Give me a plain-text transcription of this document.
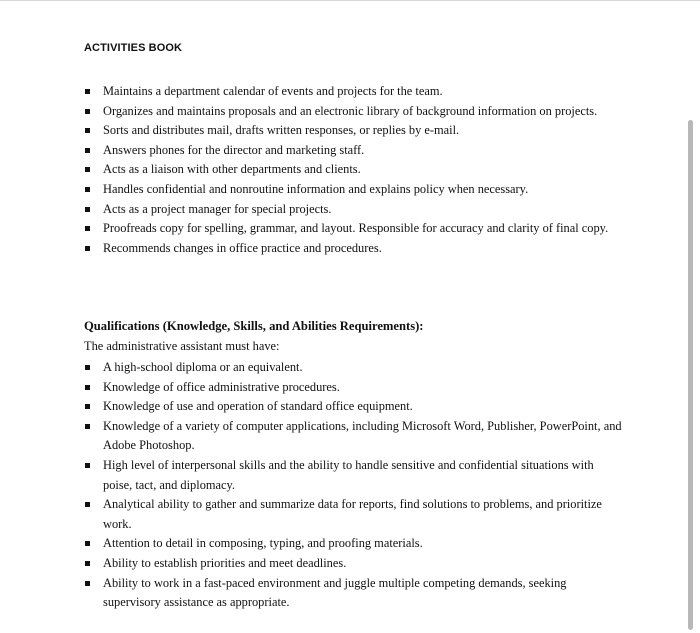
ACTIVITIES BOOK
Maintains a department calendar of events and projects for the team.
Organizes and maintains proposals and an electronic library of background information on projects.
Sorts and distributes mail, drafts written responses, or replies by e-mail.
Answers phones for the director and marketing staff.
Acts as a liaison with other departments and clients.
Handles confidential and nonroutine information and explains policy when necessary.
Acts as a project manager for special projects.
Proofreads copy for spelling, grammar, and layout. Responsible for accuracy and clarity of final copy.
Recommends changes in office practice and procedures.
Qualifications (Knowledge, Skills, and Abilities Requirements):
The administrative assistant must have:
A high-school diploma or an equivalent.
Knowledge of office administrative procedures.
Knowledge of use and operation of standard office equipment.
Knowledge of a variety of computer applications, including Microsoft Word, Publisher, PowerPoint, and Adobe Photoshop.
High level of interpersonal skills and the ability to handle sensitive and confidential situations with poise, tact, and diplomacy.
Analytical ability to gather and summarize data for reports, find solutions to problems, and prioritize work.
Attention to detail in composing, typing, and proofing materials.
Ability to establish priorities and meet deadlines.
Ability to work in a fast-paced environment and juggle multiple competing demands, seeking supervisory assistance as appropriate.
